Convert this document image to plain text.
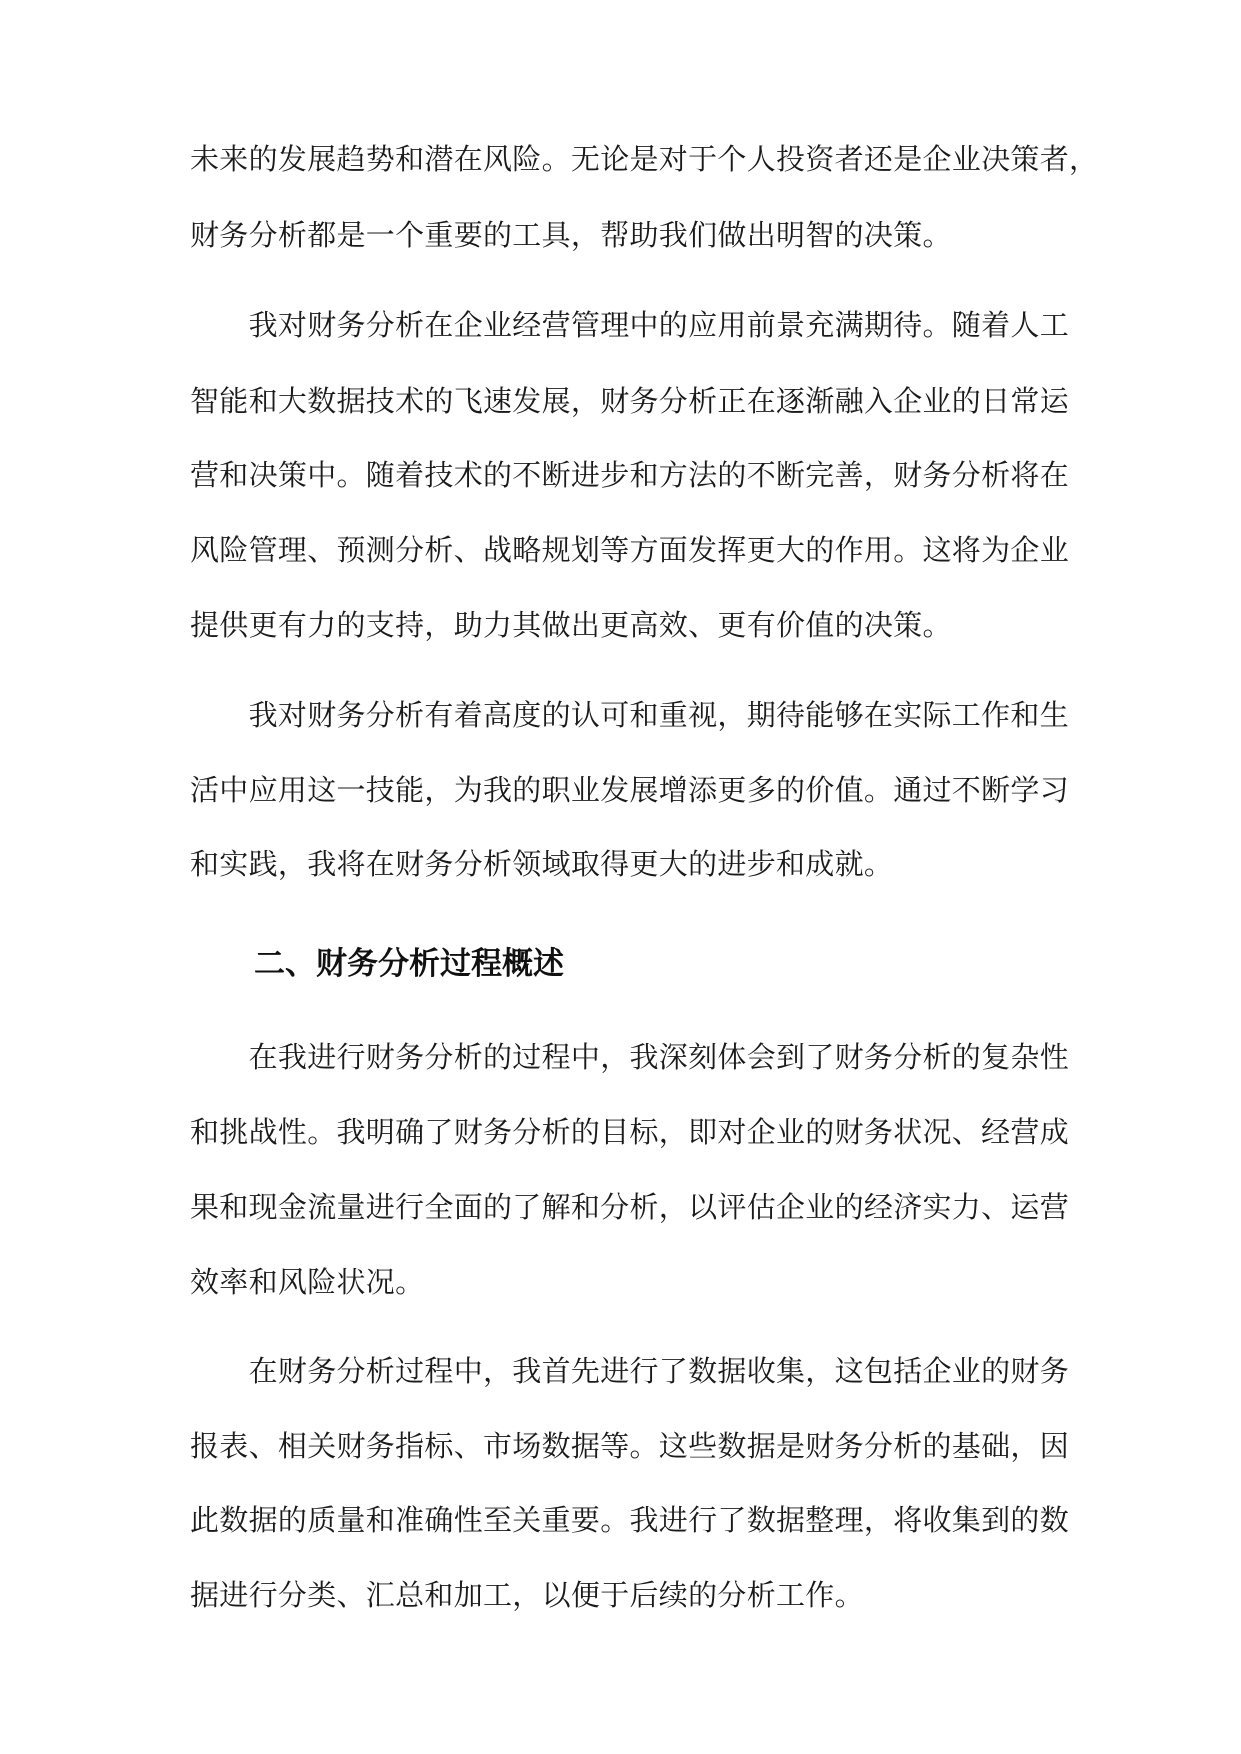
未来的发展趋势和潜在风险。无论是对于个人投资者还是企业决策者，
财务分析都是一个重要的工具，帮助我们做出明智的决策。
　　我对财务分析在企业经营管理中的应用前景充满期待。随着人工
智能和大数据技术的飞速发展，财务分析正在逐渐融入企业的日常运
营和决策中。随着技术的不断进步和方法的不断完善，财务分析将在
风险管理、预测分析、战略规划等方面发挥更大的作用。这将为企业
提供更有力的支持，助力其做出更高效、更有价值的决策。
　　我对财务分析有着高度的认可和重视，期待能够在实际工作和生
活中应用这一技能，为我的职业发展增添更多的价值。通过不断学习
和实践，我将在财务分析领域取得更大的进步和成就。
二、财务分析过程概述
　　在我进行财务分析的过程中，我深刻体会到了财务分析的复杂性
和挑战性。我明确了财务分析的目标，即对企业的财务状况、经营成
果和现金流量进行全面的了解和分析，以评估企业的经济实力、运营
效率和风险状况。
　　在财务分析过程中，我首先进行了数据收集，这包括企业的财务
报表、相关财务指标、市场数据等。这些数据是财务分析的基础，因
此数据的质量和准确性至关重要。我进行了数据整理，将收集到的数
据进行分类、汇总和加工，以便于后续的分析工作。
